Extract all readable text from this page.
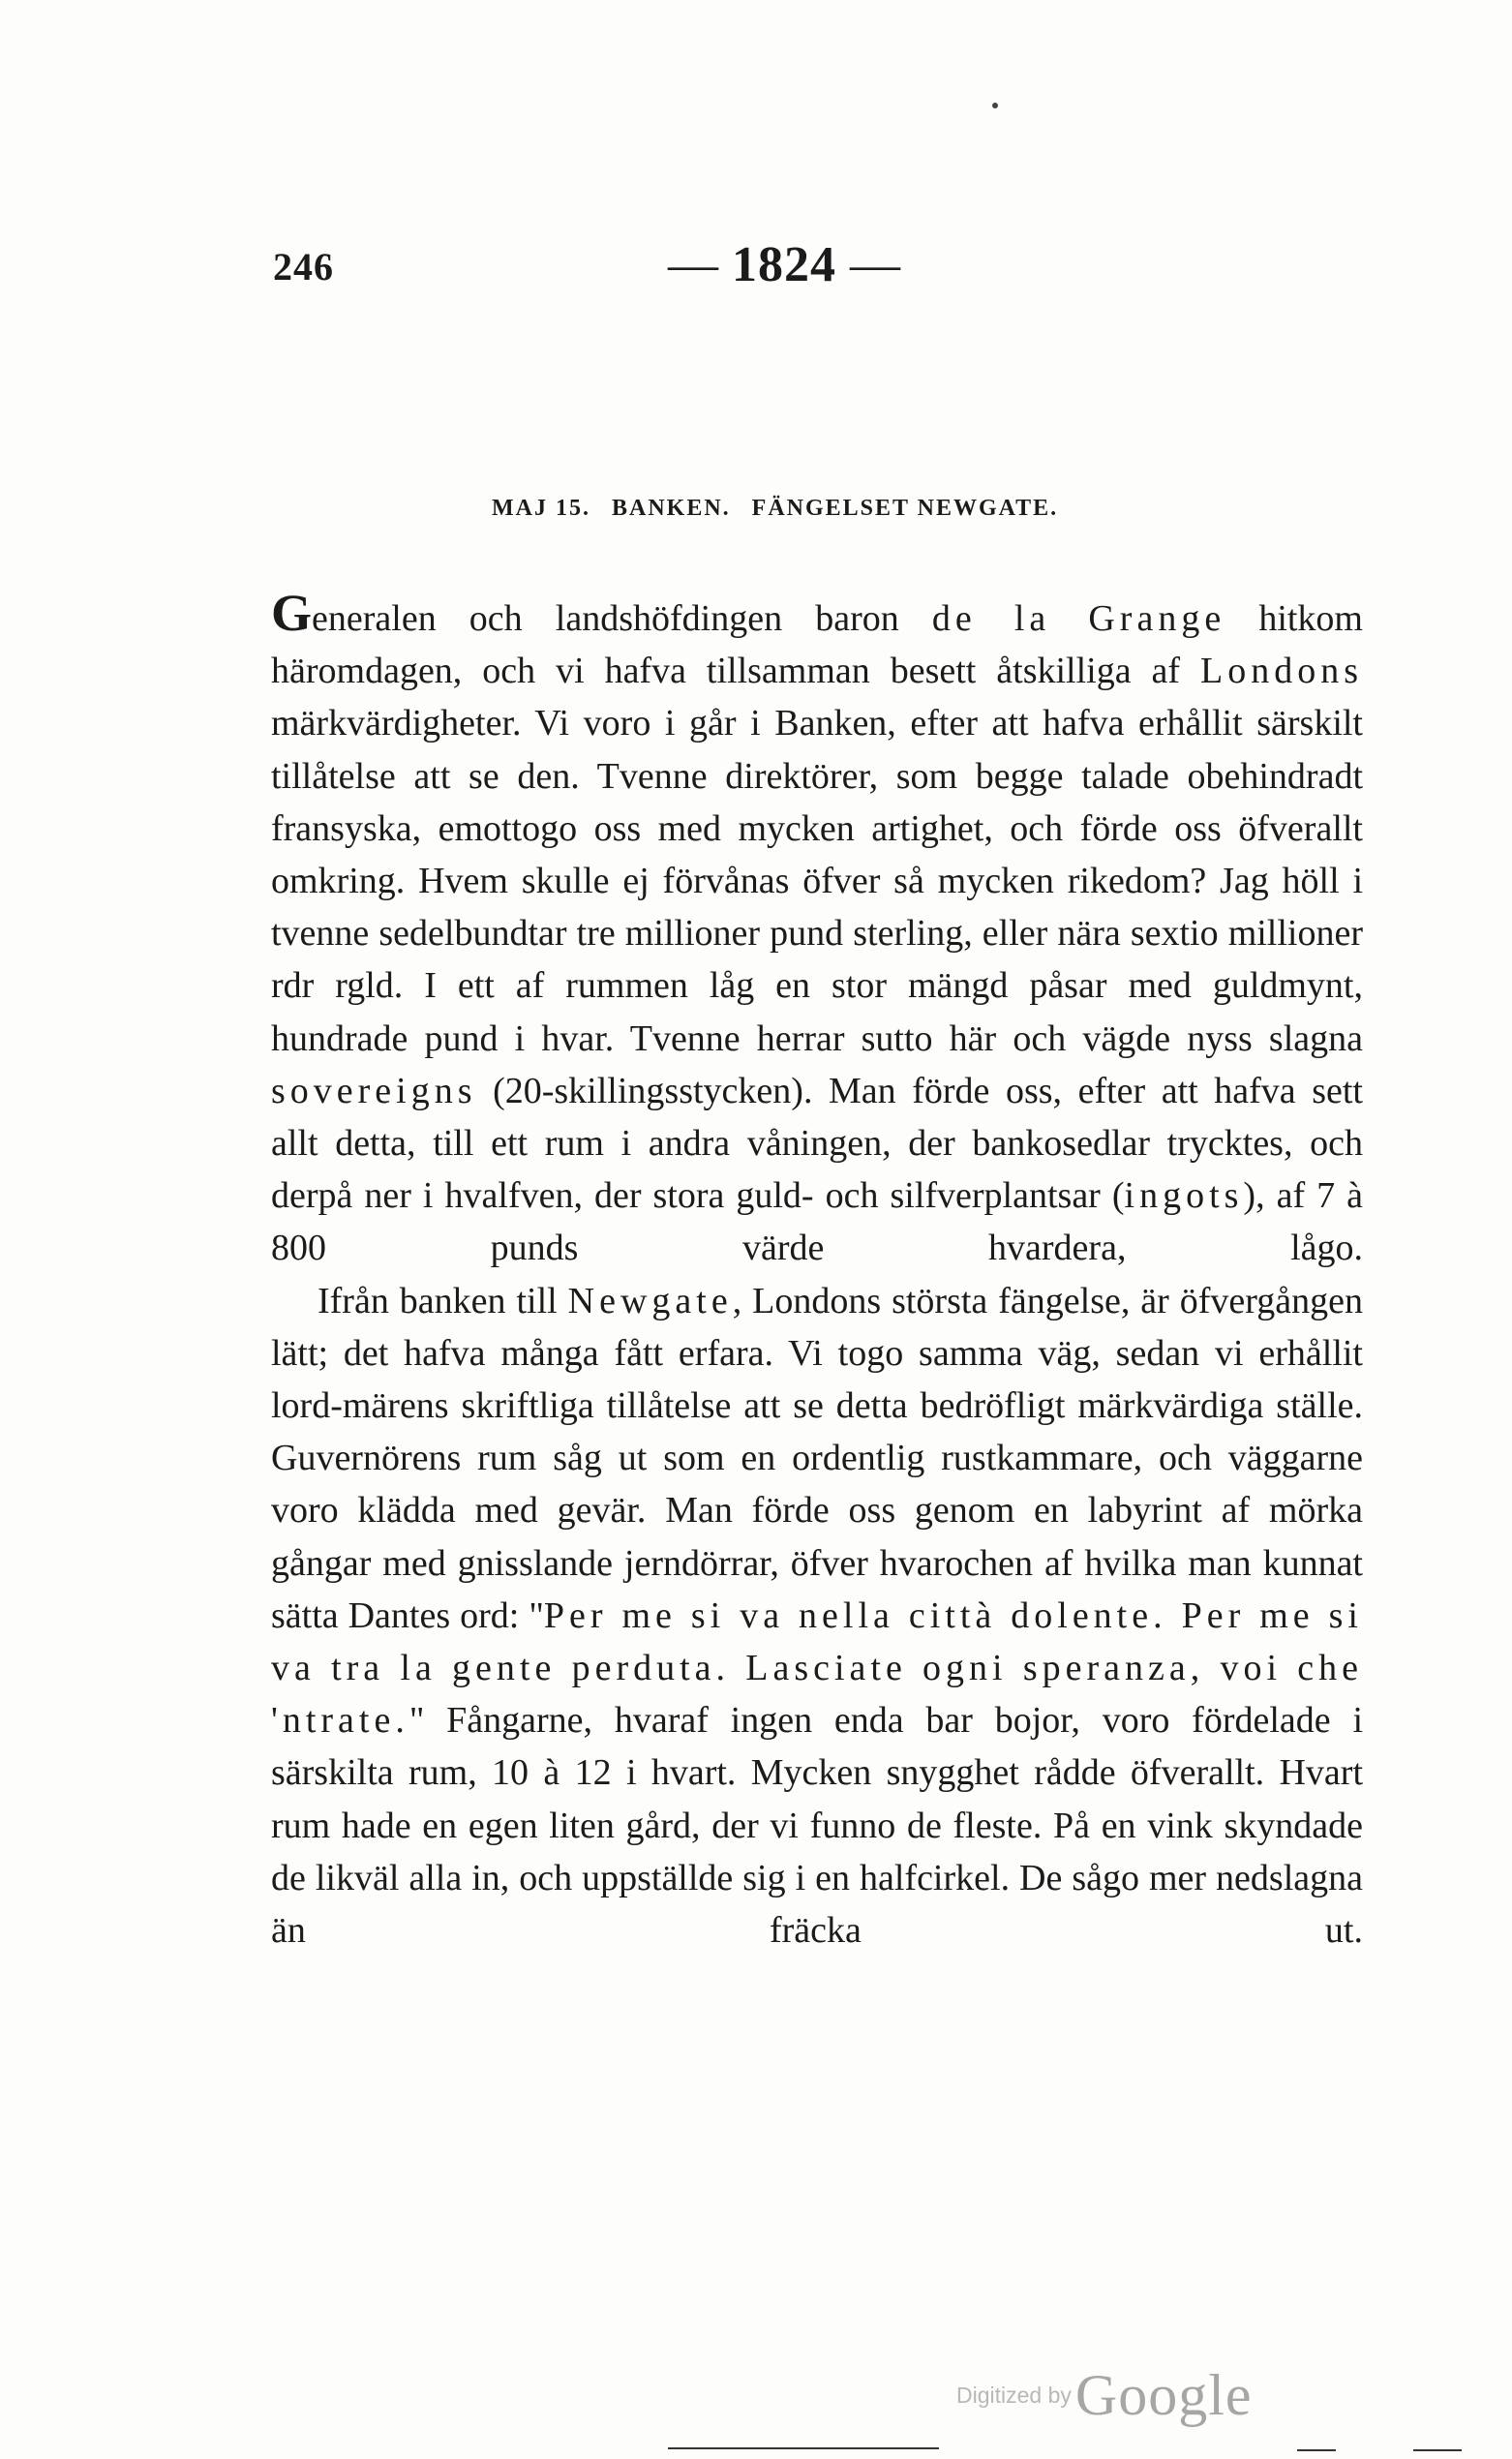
246	— 1824 —
MAJ 15. BANKEN. FÄNGELSET NEWGATE.

Generalen och landshöfdingen baron de la Grange hitkom häromdagen, och vi hafva tillsamman besett åtskilliga af Londons märkvärdigheter. Vi voro i går i Banken, efter att hafva erhållit särskilt tillåtelse att se den. Tvenne direktörer, som begge talade obehindradt fransyska, emottogo oss med mycken artighet, och förde oss öfverallt omkring. Hvem skulle ej förvånas öfver så mycken rikedom? Jag höll i tvenne sedelbundtar tre millioner pund sterling, eller nära sextio millioner rdr rgld. I ett af rummen låg en stor mängd påsar med guldmynt, hundrade pund i hvar. Tvenne herrar sutto här och vägde nyss slagna sovereigns (20-skillingsstycken). Man förde oss, efter att hafva sett allt detta, till ett rum i andra våningen, der bankosedlar trycktes, och derpå ner i hvalfven, der stora guld- och silfverplantsar (ingots), af 7 à 800 punds värde hvardera, lågo.

Ifrån banken till Newgate, Londons största fängelse, är öfvergången lätt; det hafva många fått erfara. Vi togo samma väg, sedan vi erhållit lord-märens skriftliga tillåtelse att se detta bedröfligt märkvärdiga ställe. Guvernörens rum såg ut som en ordentlig rustkammare, och väggarne voro klädda med gevär. Man förde oss genom en labyrint af mörka gångar med gnisslande jerndörrar, öfver hvarochen af hvilka man kunnat sätta Dantes ord: "Per me si va nella città dolente. Per me si va tra la gente perduta. Lasciate ogni speranza, voi che 'ntrate." Fångarne, hvaraf ingen enda bar bojor, voro fördelade i särskilta rum, 10 à 12 i hvart. Mycken snygghet rådde öfverallt. Hvart rum hade en egen liten gård, der vi funno de fleste. På en vink skyndade de likväl alla in, och uppställde sig i en halfcirkel. De sågo mer nedslagna än fräcka ut.

Digitized by Google
